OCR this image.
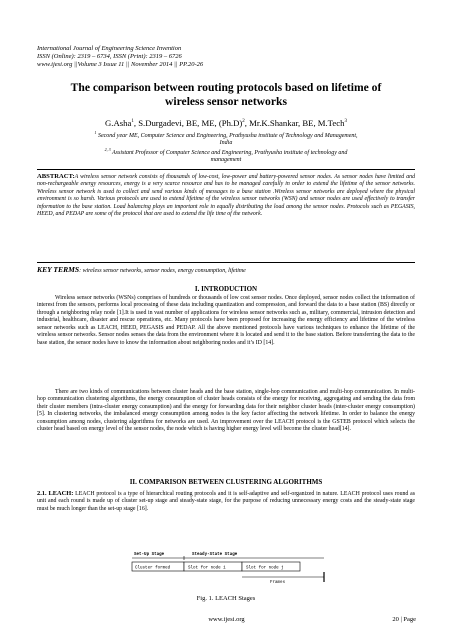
International Journal of Engineering Science Invention
ISSN (Online): 2319 – 6734, ISSN (Print): 2319 – 6726
www.ijesi.org ||Volume 3 Issue 11 || November 2014 || PP.20-26
The comparison between routing protocols based on lifetime of
wireless sensor networks
G.Asha$^1$, S.Durgadevi, BE, ME, $(Ph.D)^2$, Mr.K.Shankar, BE, M.Tech$^3$
$^1$ Second year ME, Computer Science and Engineering, Prathyusha institute of Technology and Management,
India
$^{2, 3}$ Assistant Professor of Computer Science and Engineering, Prathyusha institute of technology and
management
ABSTRACT:A wireless sensor network consists of thousands of low-cost, low-power and battery-powered sensor nodes. As sensor nodes have limited and non-rechargeable energy resources, energy is a very scarce resource and has to be managed carefully in order to extend the lifetime of the sensor networks. Wireless sensor network is used to collect and send various kinds of messages to a base station .Wireless sensor networks are deployed where the physical environment is so harsh. Various protocols are used to extend lifetime of the wireless sensor networks (WSN) and sensor nodes are used effectively to transfer information to the base station. Load balancing plays an important role in equally distributing the load among the sensor nodes. Protocols such as PEGASIS, HEED, and PEDAP are some of the protocol that are used to extend the life time of the network.
KEY TERMS: wireless sensor networks, sensor nodes, energy consumption, lifetime
I. INTRODUCTION
Wireless sensor networks (WSNs) comprises of hundreds or thousands of low cost sensor nodes. Once deployed, sensor nodes collect the information of interest from the sensors, performs local processing of these data including quantization and compression, and forward the data to a base station (BS) directly or through a neighboring relay node [1].It is used in vast number of applications for wireless sensor networks such as, military, commercial, intrusion detection and industrial, healthcare, disaster and rescue operations, etc. Many protocols have been proposed for increasing the energy efficiency and lifetime of the wireless sensor networks such as LEACH, HEED, PEGASIS and PEDAP. All the above mentioned protocols have various techniques to enhance the lifetime of the wireless sensor networks. Sensor nodes senses the data from the environment where it is located and send it to the base station. Before transferring the data to the base station, the sensor nodes have to know the information about neighboring nodes and it’s ID [14].
There are two kinds of communications between cluster heads and the base station, single-hop communication and multi-hop communication. In multi-hop communication clustering algorithms, the energy consumption of cluster heads consists of the energy for receiving, aggregating and sending the data from their cluster members (intra-cluster energy consumption) and the energy for forwarding data for their neighbor cluster heads (inter-cluster energy consumption)[5]. In clustering networks, the imbalanced energy consumption among nodes is the key factor affecting the network lifetime. In order to balance the energy consumption among nodes, clustering algorithms for networks are used. An improvement over the LEACH protocol is the GSTEB protocol which selects the cluster head based on energy level of the sensor nodes, the node which is having higher energy level will become the cluster head[14].
II. COMPARISON BETWEEN CLUSTERING ALGORITHMS
2.1. LEACH: LEACH protocol is a type of hierarchical routing protocols and it is self-adaptive and self-organized in nature. LEACH protocol uses round as unit and each round is made up of cluster set-up stage and steady-state stage, for the purpose of reducing unnecessary energy costs and the steady-state stage must be much longer than the set-up stage [16].
Set-Up Stage	Steady-State Stage
Cluster formed	Slot for node i	Slot for node j
Frames
Fig. 1. LEACH Stages
www.ijesi.org	20 | Page
